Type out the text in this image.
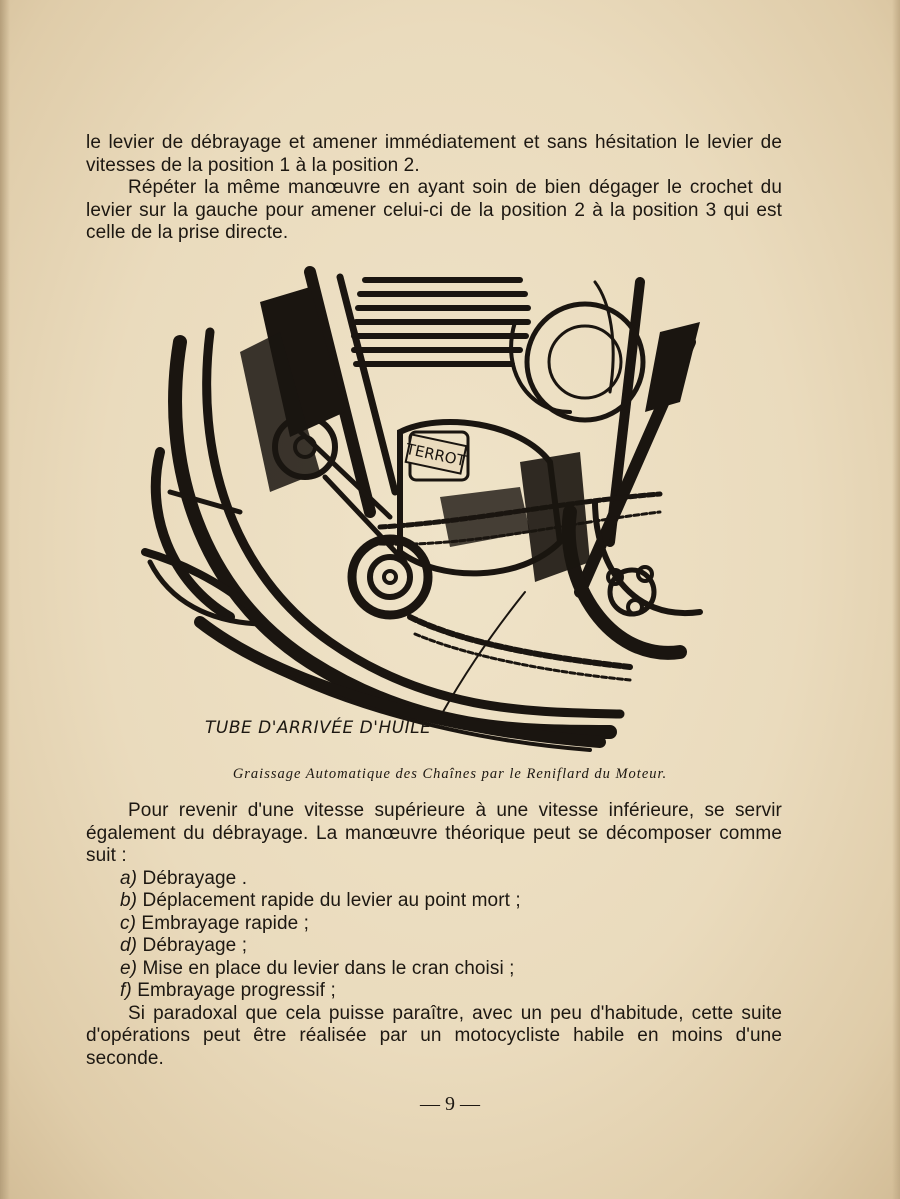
le levier de débrayage et amener immédiatement et sans hésitation le levier de vitesses de la position 1 à la position 2.

Répéter la même manœuvre en ayant soin de bien dégager le crochet du levier sur la gauche pour amener celui-ci de la position 2 à la position 3 qui est celle de la prise directe.

TERROT
TUBE D'ARRIVÉE D'HUILE
Graissage Automatique des Chaînes par le Reniflard du Moteur.

Pour revenir d'une vitesse supérieure à une vitesse inférieure, se servir également du débrayage. La manœuvre théorique peut se décomposer comme suit :

a) Débrayage .
b) Déplacement rapide du levier au point mort ;
c) Embrayage rapide ;
d) Débrayage ;
e) Mise en place du levier dans le cran choisi ;
f) Embrayage progressif ;

Si paradoxal que cela puisse paraître, avec un peu d'habitude, cette suite d'opérations peut être réalisée par un motocycliste habile en moins d'une seconde.

— 9 —
